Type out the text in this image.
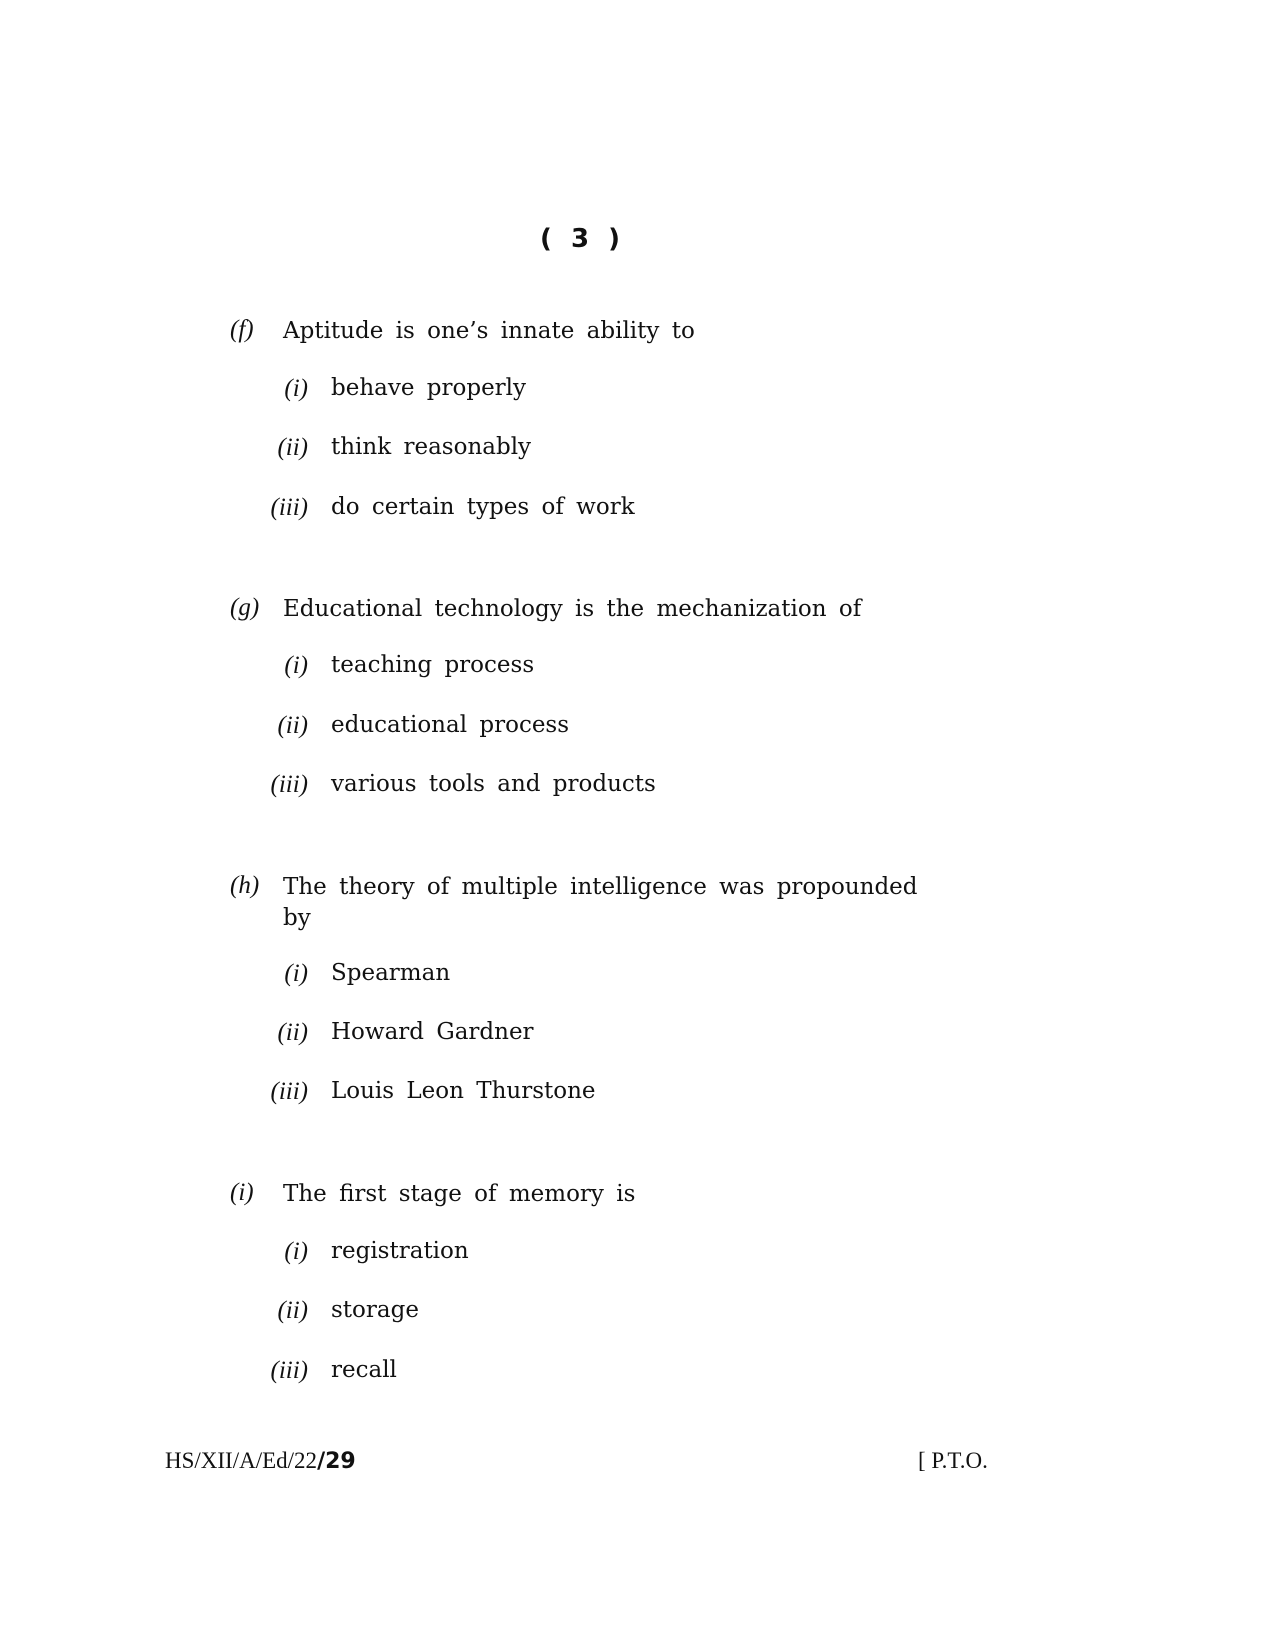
( 3 )
(f) Aptitude is one’s innate ability to
(i) behave properly
(ii) think reasonably
(iii) do certain types of work
(g) Educational technology is the mechanization of
(i) teaching process
(ii) educational process
(iii) various tools and products
(h) The theory of multiple intelligence was propounded by
(i) Spearman
(ii) Howard Gardner
(iii) Louis Leon Thurstone
(i) The first stage of memory is
(i) registration
(ii) storage
(iii) recall
HS/XII/A/Ed/22/29	[ P.T.O.
